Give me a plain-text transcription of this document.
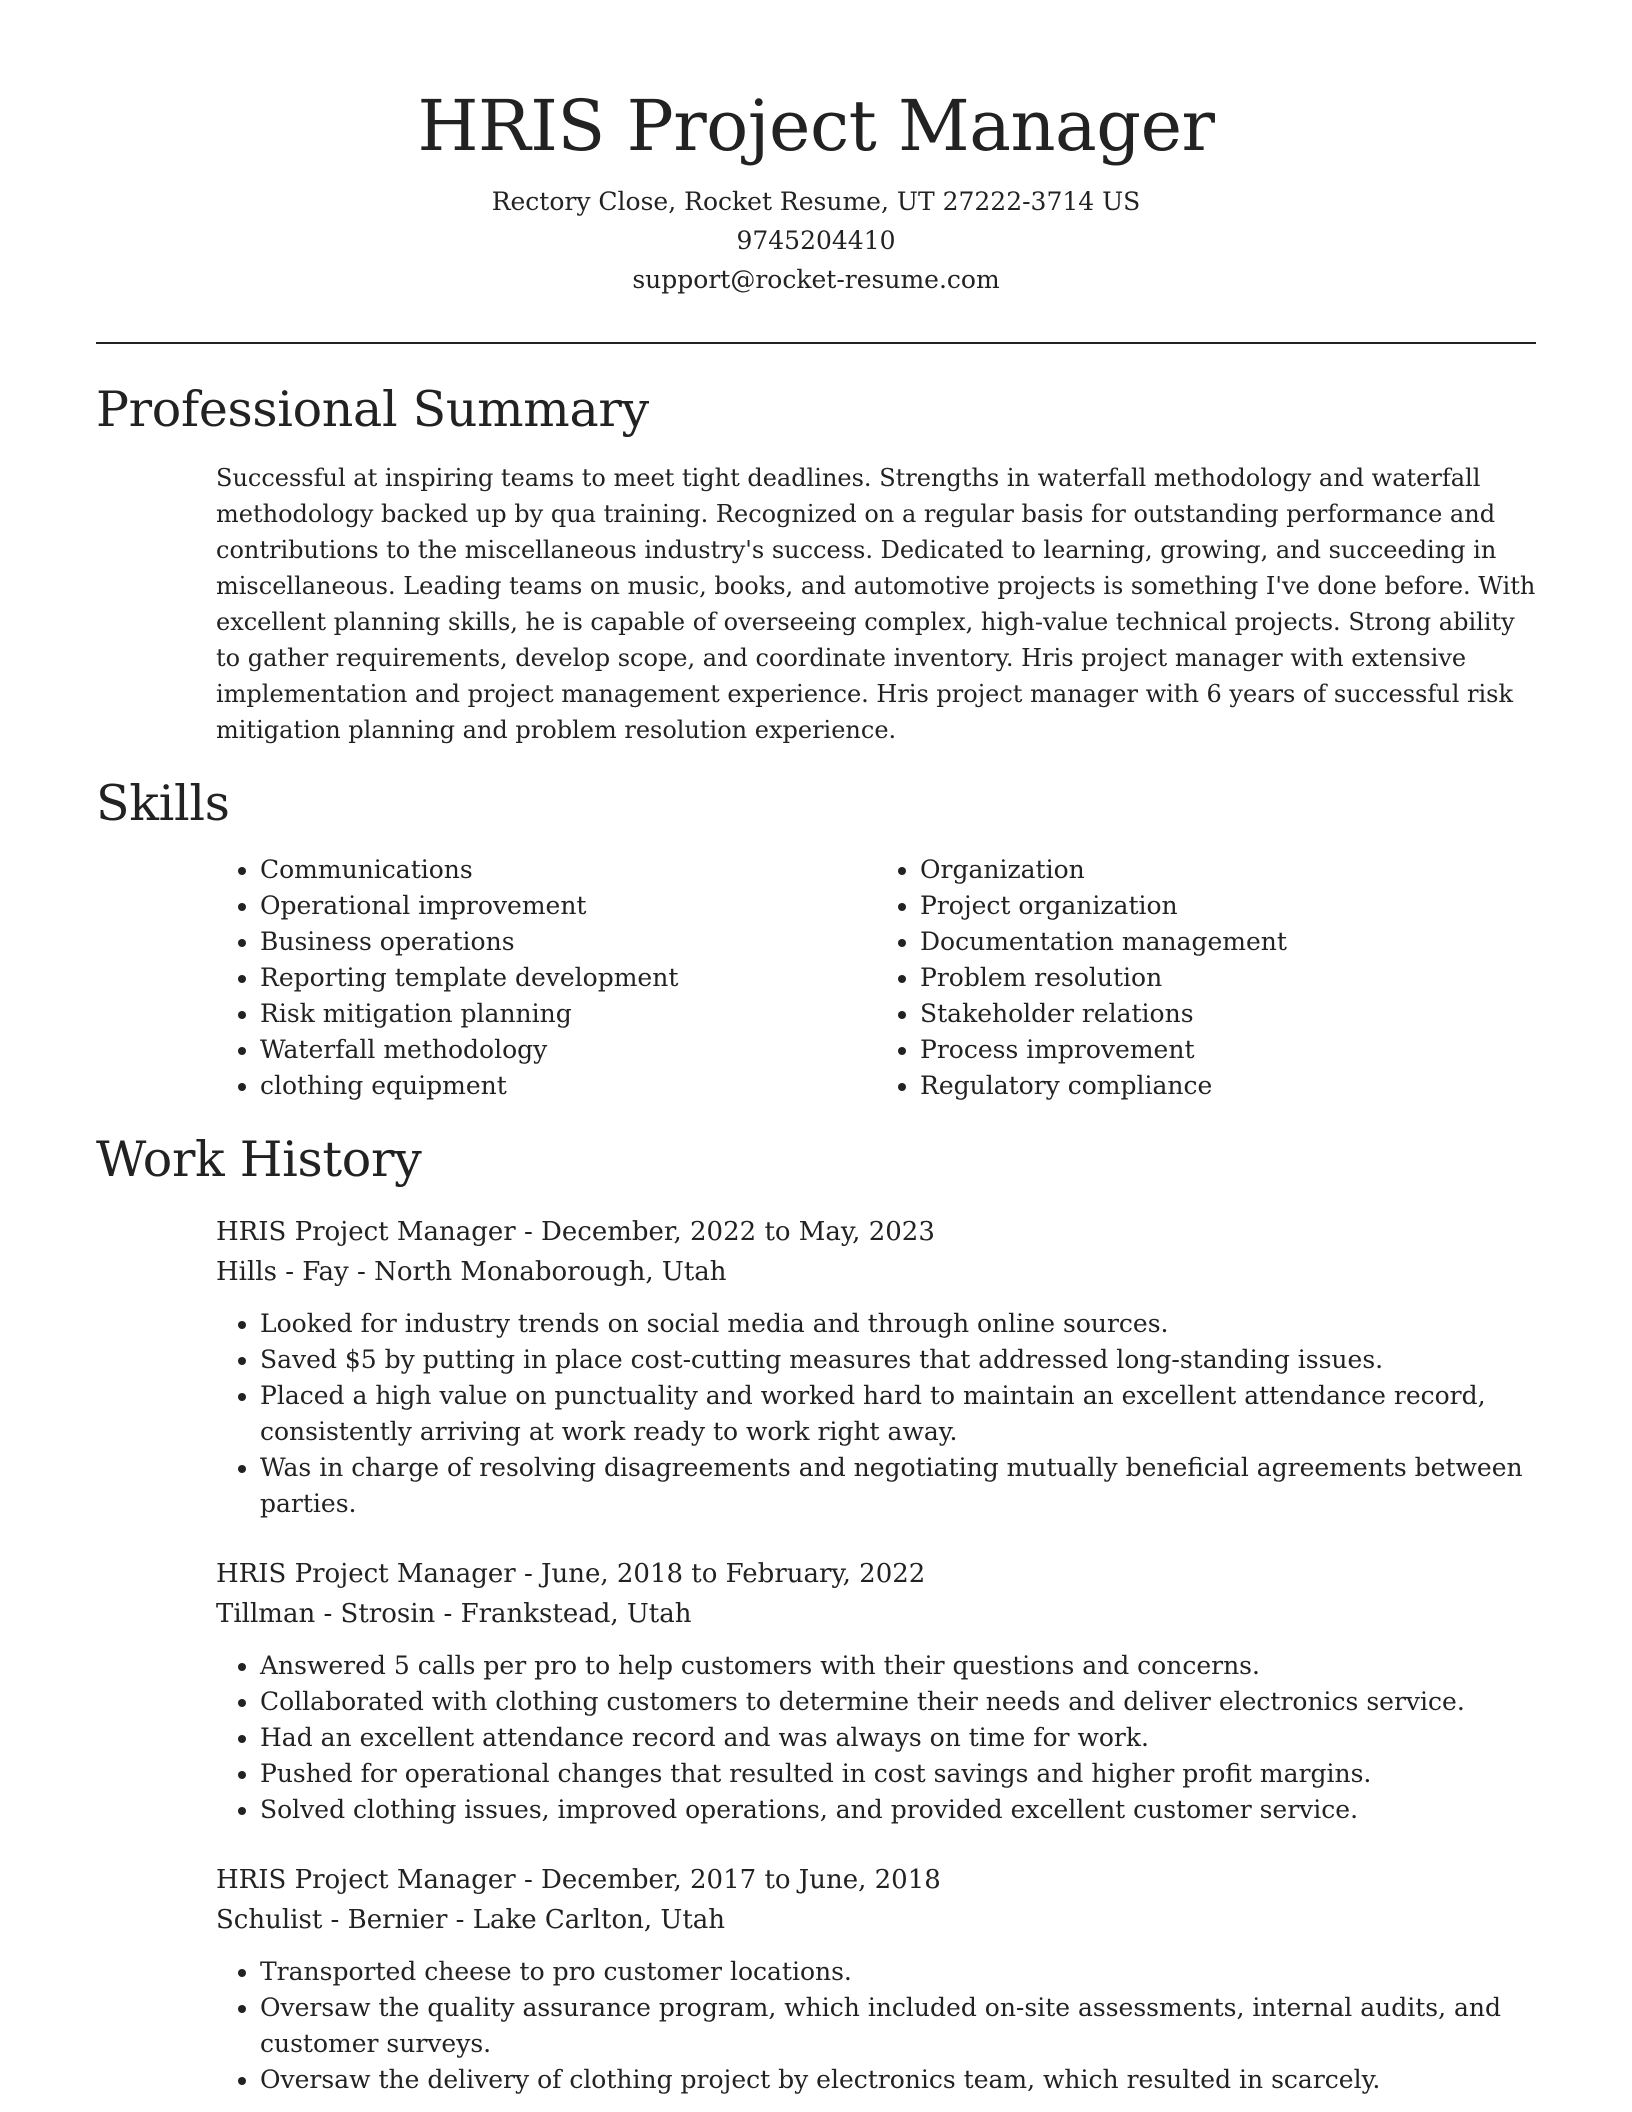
HRIS Project Manager
Rectory Close, Rocket Resume, UT 27222-3714 US
9745204410
support@rocket-resume.com
Professional Summary
Successful at inspiring teams to meet tight deadlines. Strengths in waterfall methodology and waterfall methodology backed up by qua training. Recognized on a regular basis for outstanding performance and contributions to the miscellaneous industry's success. Dedicated to learning, growing, and succeeding in miscellaneous. Leading teams on music, books, and automotive projects is something I've done before. With excellent planning skills, he is capable of overseeing complex, high-value technical projects. Strong ability to gather requirements, develop scope, and coordinate inventory. Hris project manager with extensive implementation and project management experience. Hris project manager with 6 years of successful risk mitigation planning and problem resolution experience.
Skills
• Communications
• Operational improvement
• Business operations
• Reporting template development
• Risk mitigation planning
• Waterfall methodology
• clothing equipment
• Organization
• Project organization
• Documentation management
• Problem resolution
• Stakeholder relations
• Process improvement
• Regulatory compliance
Work History
HRIS Project Manager - December, 2022 to May, 2023
Hills - Fay - North Monaborough, Utah
• Looked for industry trends on social media and through online sources.
• Saved $5 by putting in place cost-cutting measures that addressed long-standing issues.
• Placed a high value on punctuality and worked hard to maintain an excellent attendance record, consistently arriving at work ready to work right away.
• Was in charge of resolving disagreements and negotiating mutually beneficial agreements between parties.
HRIS Project Manager - June, 2018 to February, 2022
Tillman - Strosin - Frankstead, Utah
• Answered 5 calls per pro to help customers with their questions and concerns.
• Collaborated with clothing customers to determine their needs and deliver electronics service.
• Had an excellent attendance record and was always on time for work.
• Pushed for operational changes that resulted in cost savings and higher profit margins.
• Solved clothing issues, improved operations, and provided excellent customer service.
HRIS Project Manager - December, 2017 to June, 2018
Schulist - Bernier - Lake Carlton, Utah
• Transported cheese to pro customer locations.
• Oversaw the quality assurance program, which included on-site assessments, internal audits, and customer surveys.
• Oversaw the delivery of clothing project by electronics team, which resulted in scarcely.
